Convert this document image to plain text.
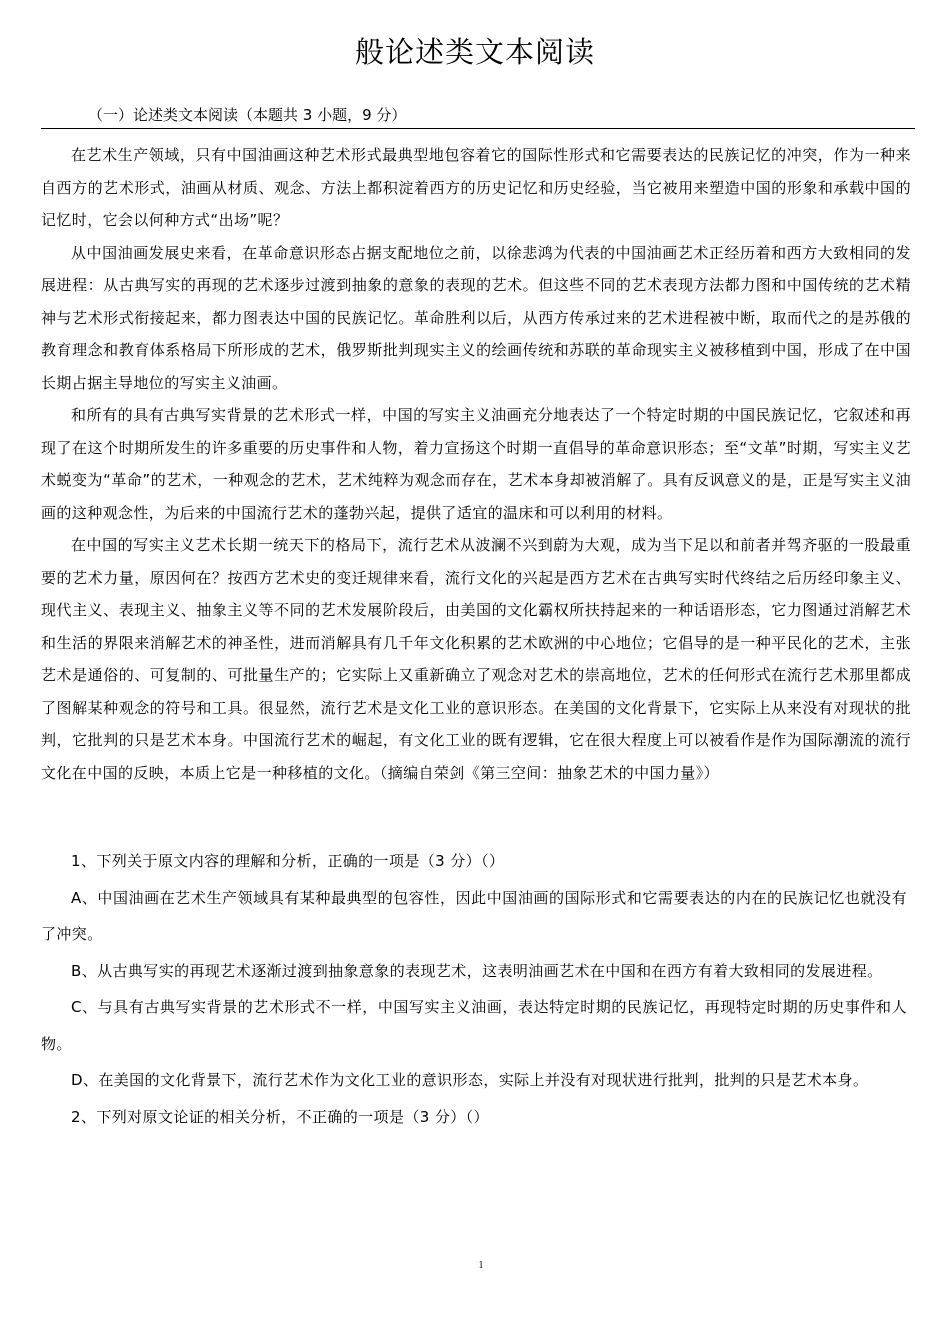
般论述类文本阅读
（一）论述类文本阅读（本题共 3 小题，9 分）

在艺术生产领域，只有中国油画这种艺术形式最典型地包容着它的国际性形式和它需要表达的民族记忆的冲突，作为一种来自西方的艺术形式，油画从材质、观念、方法上都积淀着西方的历史记忆和历史经验，当它被用来塑造中国的形象和承载中国的记忆时，它会以何种方式“出场”呢？

从中国油画发展史来看，在革命意识形态占据支配地位之前，以徐悲鸿为代表的中国油画艺术正经历着和西方大致相同的发展进程：从古典写实的再现的艺术逐步过渡到抽象的意象的表现的艺术。但这些不同的艺术表现方法都力图和中国传统的艺术精神与艺术形式衔接起来，都力图表达中国的民族记忆。革命胜利以后，从西方传承过来的艺术进程被中断，取而代之的是苏俄的教育理念和教育体系格局下所形成的艺术，俄罗斯批判现实主义的绘画传统和苏联的革命现实主义被移植到中国，形成了在中国长期占据主导地位的写实主义油画。

和所有的具有古典写实背景的艺术形式一样，中国的写实主义油画充分地表达了一个特定时期的中国民族记忆，它叙述和再现了在这个时期所发生的许多重要的历史事件和人物，着力宣扬这个时期一直倡导的革命意识形态；至“文革”时期，写实主义艺术蜕变为“革命”的艺术，一种观念的艺术，艺术纯粹为观念而存在，艺术本身却被消解了。具有反讽意义的是，正是写实主义油画的这种观念性，为后来的中国流行艺术的蓬勃兴起，提供了适宜的温床和可以利用的材料。

在中国的写实主义艺术长期一统天下的格局下，流行艺术从波澜不兴到蔚为大观，成为当下足以和前者并驾齐驱的一股最重要的艺术力量，原因何在？按西方艺术史的变迁规律来看，流行文化的兴起是西方艺术在古典写实时代终结之后历经印象主义、现代主义、表现主义、抽象主义等不同的艺术发展阶段后，由美国的文化霸权所扶持起来的一种话语形态，它力图通过消解艺术和生活的界限来消解艺术的神圣性，进而消解具有几千年文化积累的艺术欧洲的中心地位；它倡导的是一种平民化的艺术，主张艺术是通俗的、可复制的、可批量生产的；它实际上又重新确立了观念对艺术的崇高地位，艺术的任何形式在流行艺术那里都成了图解某种观念的符号和工具。很显然，流行艺术是文化工业的意识形态。在美国的文化背景下，它实际上从来没有对现状的批判，它批判的只是艺术本身。中国流行艺术的崛起，有文化工业的既有逻辑，它在很大程度上可以被看作是作为国际潮流的流行文化在中国的反映，本质上它是一种移植的文化。（摘编自荣剑《第三空间：抽象艺术的中国力量》）

1、下列关于原文内容的理解和分析，正确的一项是（3 分）（）

A、中国油画在艺术生产领域具有某种最典型的包容性，因此中国油画的国际形式和它需要表达的内在的民族记忆也就没有了冲突。

B、从古典写实的再现艺术逐渐过渡到抽象意象的表现艺术，这表明油画艺术在中国和在西方有着大致相同的发展进程。

C、与具有古典写实背景的艺术形式不一样，中国写实主义油画，表达特定时期的民族记忆，再现特定时期的历史事件和人物。

D、在美国的文化背景下，流行艺术作为文化工业的意识形态，实际上并没有对现状进行批判，批判的只是艺术本身。

2、下列对原文论证的相关分析，不正确的一项是（3 分）（）

1
